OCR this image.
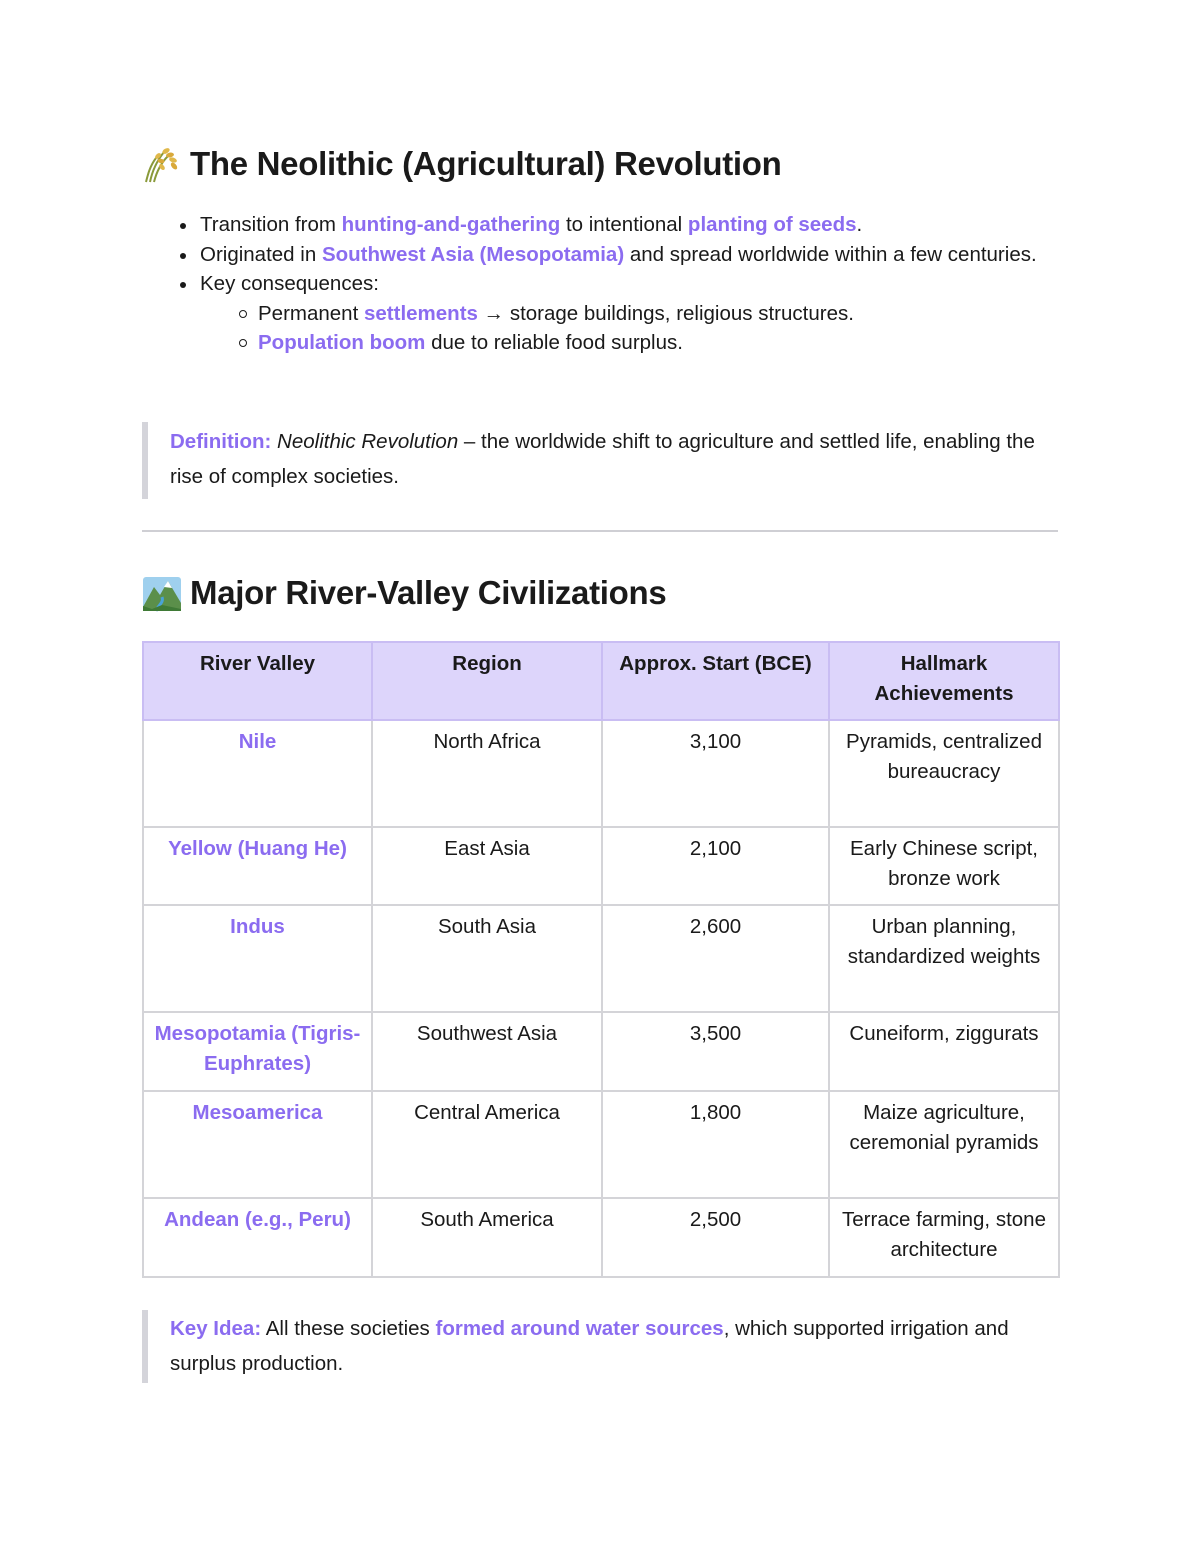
The Neolithic (Agricultural) Revolution
Transition from hunting-and-gathering to intentional planting of seeds.
Originated in Southwest Asia (Mesopotamia) and spread worldwide within a few centuries.
Key consequences:
Permanent settlements → storage buildings, religious structures.
Population boom due to reliable food surplus.
Definition: Neolithic Revolution – the worldwide shift to agriculture and settled life, enabling the rise of complex societies.
Major River-Valley Civilizations
River Valley	Region	Approx. Start (BCE)	Hallmark Achievements
Nile	North Africa	3,100	Pyramids, centralized bureaucracy
Yellow (Huang He)	East Asia	2,100	Early Chinese script, bronze work
Indus	South Asia	2,600	Urban planning, standardized weights
Mesopotamia (Tigris-Euphrates)	Southwest Asia	3,500	Cuneiform, ziggurats
Mesoamerica	Central America	1,800	Maize agriculture, ceremonial pyramids
Andean (e.g., Peru)	South America	2,500	Terrace farming, stone architecture
Key Idea: All these societies formed around water sources, which supported irrigation and surplus production.
